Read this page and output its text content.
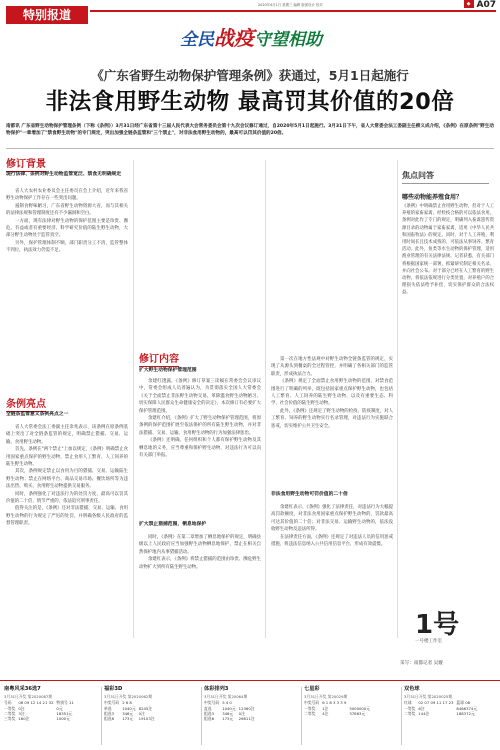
特别报道
2020年4月1日 星期三 编辑 版面设计 校对	◆ A07
全民战疫守望相助
《广东省野生动物保护管理条例》获通过，5月1日起施行
非法食用野生动物 最高罚其价值的20倍
南都讯 广东省野生动物保护管理条例（下称《条例》）3月31日经广东省第十三届人民代表大会常务委员会第十九次会议修订通过，自2020年5月1日起施行。3月31日下午，省人大常委会法工委副主任柳义成介绍，《条例》在原条例"野生动物保护"一章增加了"禁食野生动物"的专门规定，突出加强全链条监管和"三个禁止"，对非法食用野生动物的，最高可以罚其价值的20倍。
修订背景
现行法律、条例对野生动物监管宽泛、禁食无明确规定

省人大农村农业委员会主任委员在会上介绍，近年来我省野生动物保护工作存在一些突出问题。

遏制食野味陋习，广东省野生动物资源大省，而与其相关的法律法规和管理制度还有不少漏洞和空白。

一方面，现有法律对野生动物的保护范围主要是珍贵、濒危、有益或者有重要经济、科学研究价值的陆生野生动物，大部分野生动物处于监管真空。

另外，保护管理体制不顺，部门职责分工不清，监管整体不到位，执法效力仍需不足。

条例亮点
全链条监管意义条例亮点之一

省人大常委会法工委副主任余兆表示，该条例在原条例基础上突出了对全链条监管的规定，明确禁止猎捕、交易、运输、食用野生动物。

首先，条例在"两个禁止"上加以规定，《条例》明确禁止食用国家重点保护的野生动物，禁止食用人工繁育、人工饲养的陆生野生动物。

其次，条例规定禁止以食用为目的猎捕、交易、运输陆生野生动物；禁止在网络平台、商品交易市场、餐饮场所等为违法出售、购买、食用野生动物提供交易服务。

同时，条例强化了对违法行为的处罚力度，最高可以罚其价值的二十倍，情节严重的，依法追究刑事责任。

值得关注的是，《条例》还对非法猎捕、交易、运输、食用野生动物的行为规定了严厉的处罚，并明确各级人民政府的监督管理职责。

修订内容
扩大野生动物保护管理范围

余建红透露，《条例》修订草案三读稿在常委会会议审议中，常委会组成人员普遍认为，为贯彻落实全国人大常委会《关于全面禁止非法野生动物交易、革除滥食野生动物陋习、切实保障人民群众生命健康安全的决定》，本次修订有必要扩大保护管理范围。

余建红介绍，《条例》扩大了野生动物保护管理范围，将原条例的保护范围扩展至依法保护的所有陆生野生动物，并对非法猎捕、交易、运输、食用野生动物的行为加强法律惩治。

《条例》还明确，任何组织和个人都有保护野生动物及其栖息地的义务，应当尊重和保护野生动物，对违法行为可以向有关部门举报。

扩大禁止猎捕范围，栖息地保护

同时，《条例》在第二章增加了栖息地保护的规定，明确县级以上人民政府应当加强野生动物栖息地保护，禁止在相关自然保护地内从事猎捕活动。

余建红表示，《条例》将禁止猎捕的范围由珍贵、濒危野生动物扩大到所有陆生野生动物。

第一次在地方性法规中对野生动物全链条监管的规定，实现了从源头到餐桌的全过程管控，并明确了各相关部门的监管职责，形成执法合力。

《条例》规定了全面禁止食用野生动物的范围，对禁食范围进行了明确的列举，既包括国家重点保护野生动物，也包括人工繁育、人工饲养的陆生野生动物，以及有重要生态、科学、社会价值的陆生野生动物。

此外，《条例》还规定了野生动物的检疫、防疫制度，对人工繁育、饲养的野生动物实行名录管理，对违法行为实施联合惩戒，切实维护公共卫生安全。

非法食用野生动物可罚价值的二十倍

余建红表示，《条例》强化了法律责任，对违法行为大幅提高罚款额度，对非法食用国家重点保护野生动物的，罚款最高可达其价值的二十倍；对非法交易、运输野生动物的，依法没收野生动物及违法所得。

在法律责任方面，《条例》还规定了对违法人员的信用惩戒措施，将违法信息纳入公共信用信息平台，形成有效震慑。

焦点问答
哪些动物能养殖食用？
《条例》中明确禁止食用野生动物，但对于人工养殖的家畜家禽，经检疫合格的可以依法食用。条例对此作了专门的规定，明确列入畜禽遗传资源目录的动物属于家畜家禽，适用《中华人民共和国畜牧法》的规定。同时，对于人工养殖、利用时间长且技术成熟的，可依法从事饲养、繁育活动。此外，鱼类等水生动物的保护管理，适用渔业管理的有关法律法规。记者获悉，有关部门将根据国家统一部署，抓紧研究制定相关名录，并向社会公布。对于部分已经在人工繁育的野生动物，将依法依规进行分类处置，对养殖户的合理损失依法给予补偿，切实保护群众的合法权益。
1号
一号楼工作室
采写：南都记者 吴璇
南粤风采36选7
3月31日开奖 第2020087期
号码	06 09 12 14 21 32	特别号 11
一等奖	0注	0元
二等奖	3注	18351元
三等奖	160注	1000元
福彩3D
3月31日开奖 第2020062期
中奖号码	2 6 8	
单选	1040元	8245注
组选3	346元	0注
组选6	173元	19103注
体彩排列3
3月31日开奖 第20064期
中奖号码	5 4 0	
直选	1040元	12360注
组选3	346元	0注
组选6	173元	26611注
七星彩
3月31日开奖 第20029期
中奖号码	6 1 8 3 3 3 9	
一等奖	1注	5000000元
二等奖	4注	37863元
双色球
3月31日开奖 第2020025期
红球	02 07 09 11 17 23	蓝球 08
一等奖	6注	8466374元
二等奖	144注	188372元
